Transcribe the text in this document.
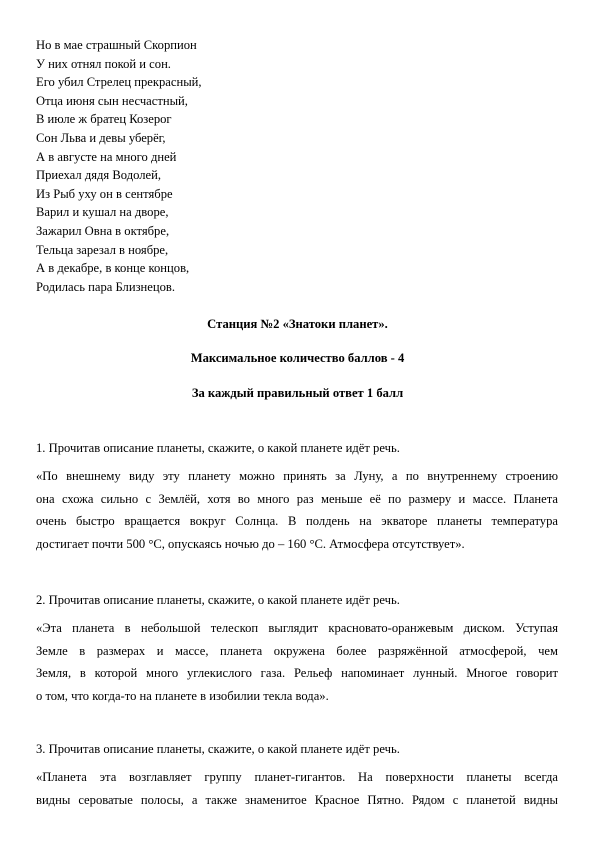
Но в мае страшный Скорпион
У них отнял покой и сон.
Его убил Стрелец прекрасный,
Отца июня сын несчастный,
В июле ж братец Козерог
Сон Льва и девы уберёг,
А в августе на много дней
Приехал дядя Водолей,
Из Рыб уху он в сентябре
Варил и кушал на дворе,
Зажарил Овна в октябре,
Тельца зарезал в ноябре,
А в декабре, в конце концов,
Родилась пара Близнецов.
Станция №2 «Знатоки планет».
Максимальное количество баллов - 4
За каждый правильный ответ 1 балл
1. Прочитав описание планеты, скажите, о какой планете идёт речь.
«По внешнему виду эту планету можно принять за Луну, а по внутреннему строению
она схожа сильно с Землёй, хотя во много раз меньше её по размеру и массе. Планета
очень быстро вращается вокруг Солнца. В полдень на экваторе планеты температура
достигает почти 500 °С, опускаясь ночью до – 160 °С. Атмосфера отсутствует».
2. Прочитав описание планеты, скажите, о какой планете идёт речь.
«Эта планета в небольшой телескоп выглядит красновато-оранжевым диском. Уступая
Земле в размерах и массе, планета окружена более разряжённой атмосферой, чем
Земля, в которой много углекислого газа. Рельеф напоминает лунный. Многое говорит
о том, что когда-то на планете в изобилии текла вода».
3. Прочитав описание планеты, скажите, о какой планете идёт речь.
«Планета эта возглавляет группу планет-гигантов. На поверхности планеты всегда
видны сероватые полосы, а также знаменитое Красное Пятно. Рядом с планетой видны
